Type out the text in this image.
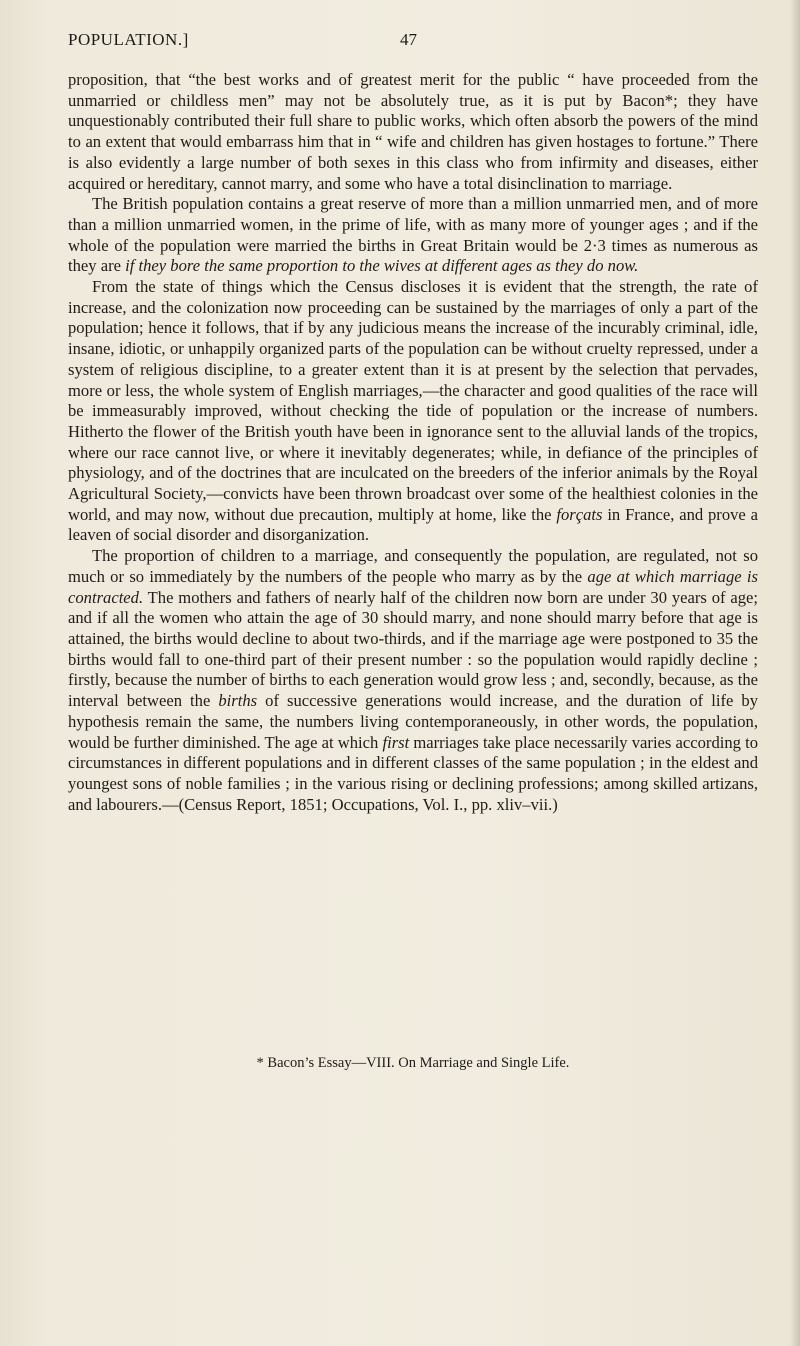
POPULATION.]	47

proposition, that “the best works and of greatest merit for the public “ have proceeded from the unmarried or childless men” may not be absolutely true, as it is put by Bacon*; they have unquestionably contributed their full share to public works, which often absorb the powers of the mind to an extent that would embarrass him that in “ wife and children has given hostages to fortune.” There is also evidently a large number of both sexes in this class who from infirmity and diseases, either acquired or hereditary, cannot marry, and some who have a total disinclination to marriage.

The British population contains a great reserve of more than a million unmarried men, and of more than a million unmarried women, in the prime of life, with as many more of younger ages ; and if the whole of the population were married the births in Great Britain would be 2·3 times as numerous as they are if they bore the same proportion to the wives at different ages as they do now.

From the state of things which the Census discloses it is evident that the strength, the rate of increase, and the colonization now proceeding can be sustained by the marriages of only a part of the population; hence it follows, that if by any judicious means the increase of the incurably criminal, idle, insane, idiotic, or unhappily organized parts of the population can be without cruelty repressed, under a system of religious discipline, to a greater extent than it is at present by the selection that pervades, more or less, the whole system of English marriages,—the character and good qualities of the race will be immeasurably improved, without checking the tide of population or the increase of numbers. Hitherto the flower of the British youth have been in ignorance sent to the alluvial lands of the tropics, where our race cannot live, or where it inevitably degenerates; while, in defiance of the principles of physiology, and of the doctrines that are inculcated on the breeders of the inferior animals by the Royal Agricultural Society,—convicts have been thrown broadcast over some of the healthiest colonies in the world, and may now, without due precaution, multiply at home, like the forçats in France, and prove a leaven of social disorder and disorganization.

The proportion of children to a marriage, and consequently the population, are regulated, not so much or so immediately by the numbers of the people who marry as by the age at which marriage is contracted. The mothers and fathers of nearly half of the children now born are under 30 years of age; and if all the women who attain the age of 30 should marry, and none should marry before that age is attained, the births would decline to about two-thirds, and if the marriage age were postponed to 35 the births would fall to one-third part of their present number : so the population would rapidly decline ; firstly, because the number of births to each generation would grow less ; and, secondly, because, as the interval between the births of successive generations would increase, and the duration of life by hypothesis remain the same, the numbers living contemporaneously, in other words, the population, would be further diminished. The age at which first marriages take place necessarily varies according to circumstances in different populations and in different classes of the same population ; in the eldest and youngest sons of noble families ; in the various rising or declining professions; among skilled artizans, and labourers.—(Census Report, 1851; Occupations, Vol. I., pp. xliv–vii.)

* Bacon’s Essay—VIII. On Marriage and Single Life.
